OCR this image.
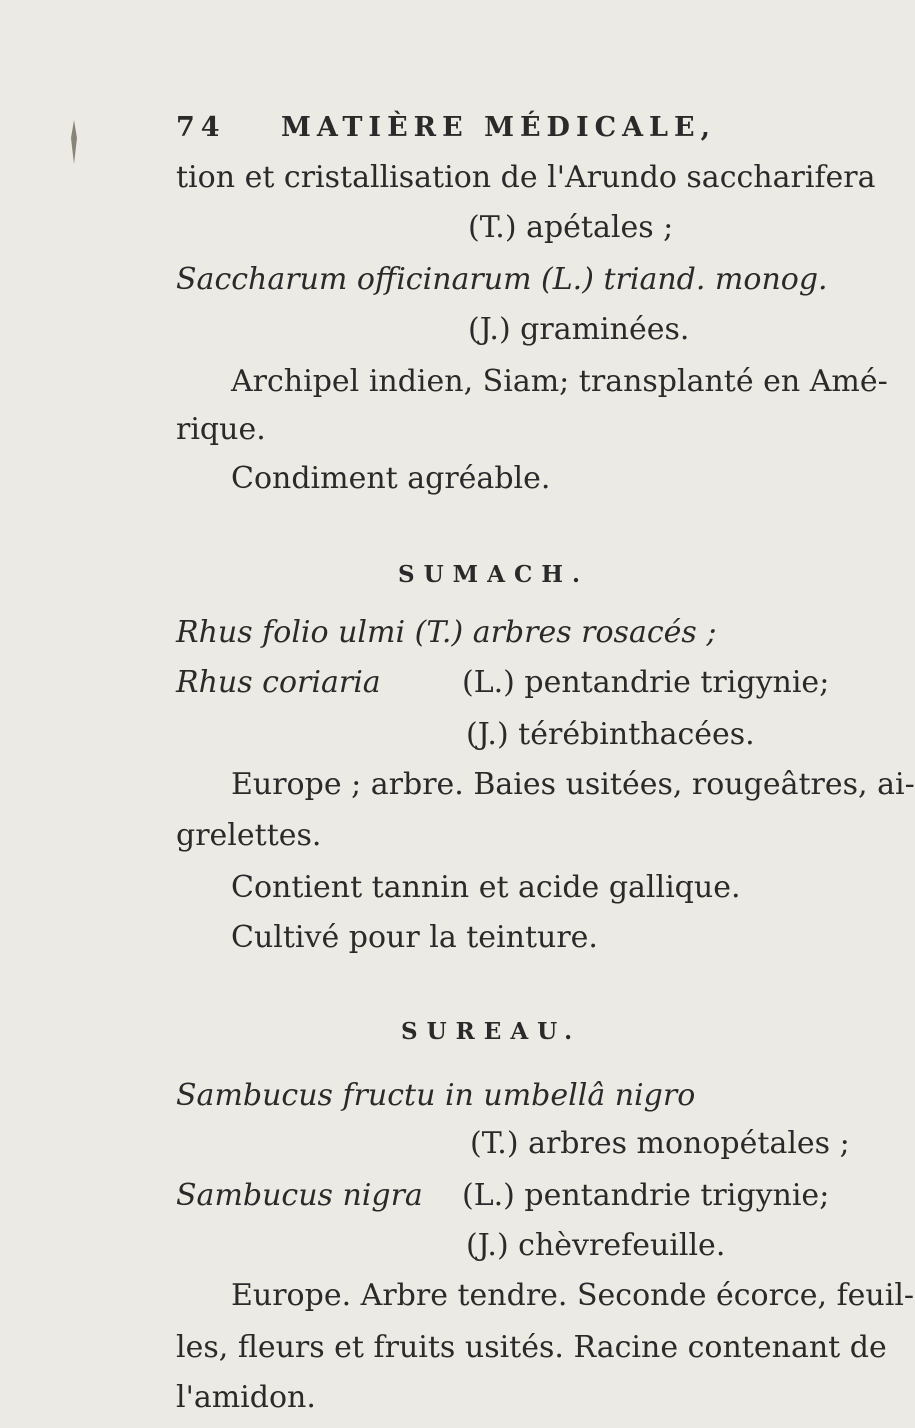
74 MATIÈRE MÉDICALE,
tion et cristallisation de l'Arundo saccharifera
(T.) apétales ;
Saccharum officinarum (L.) triand. monog.
(J.) graminées.
Archipel indien, Siam; transplanté en Amé-
rique.
Condiment agréable.
SUMACH.
Rhus folio ulmi (T.) arbres rosacés ;
Rhus coriaria	(L.) pentandrie trigynie;
(J.) térébinthacées.
Europe ; arbre. Baies usitées, rougeâtres, ai-
grelettes.
Contient tannin et acide gallique.
Cultivé pour la teinture.
SUREAU.
Sambucus fructu in umbellâ nigro
(T.) arbres monopétales ;
Sambucus nigra (L.) pentandrie trigynie;
(J.) chèvrefeuille.
Europe. Arbre tendre. Seconde écorce, feuil-
les, fleurs et fruits usités. Racine contenant de
l'amidon.
